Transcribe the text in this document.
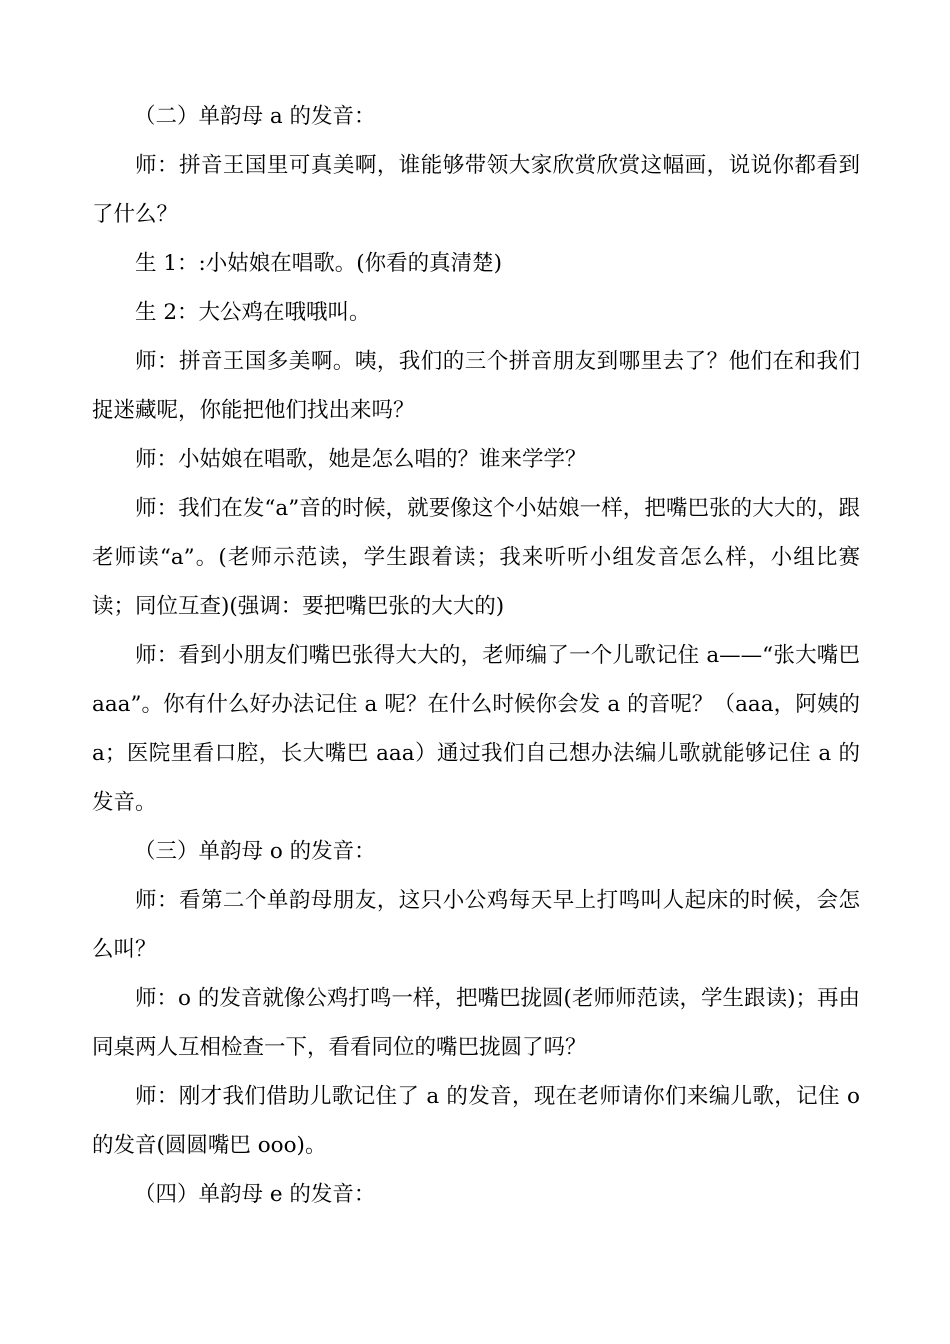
（二）单韵母 a 的发音：

师：拼音王国里可真美啊，谁能够带领大家欣赏欣赏这幅画，说说你都看到了什么？

生 1：:小姑娘在唱歌。(你看的真清楚)

生 2：大公鸡在哦哦叫。

师：拼音王国多美啊。咦，我们的三个拼音朋友到哪里去了？他们在和我们捉迷藏呢，你能把他们找出来吗？

师：小姑娘在唱歌，她是怎么唱的？谁来学学？

师：我们在发“a”音的时候，就要像这个小姑娘一样，把嘴巴张的大大的，跟老师读“a”。(老师示范读，学生跟着读；我来听听小组发音怎么样，小组比赛读；同位互查)(强调：要把嘴巴张的大大的)

师：看到小朋友们嘴巴张得大大的，老师编了一个儿歌记住 a——“张大嘴巴 aaa”。你有什么好办法记住 a 呢？在什么时候你会发 a 的音呢？（aaa，阿姨的 a；医院里看口腔，长大嘴巴 aaa）通过我们自己想办法编儿歌就能够记住 a 的发音。

（三）单韵母 o 的发音：

师：看第二个单韵母朋友，这只小公鸡每天早上打鸣叫人起床的时候，会怎么叫？

师：o 的发音就像公鸡打鸣一样，把嘴巴拢圆(老师师范读，学生跟读)；再由同桌两人互相检查一下，看看同位的嘴巴拢圆了吗？

师：刚才我们借助儿歌记住了 a 的发音，现在老师请你们来编儿歌，记住 o 的发音(圆圆嘴巴 ooo)。

（四）单韵母 e 的发音：
